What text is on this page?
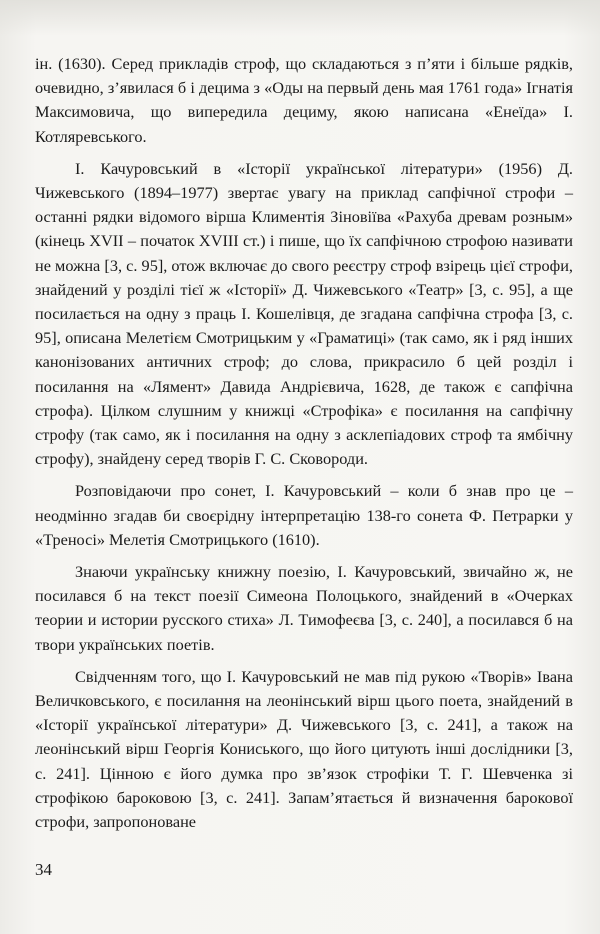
ін. (1630). Серед прикладів строф, що складаються з п’яти і більше рядків, очевидно, з’явилася б і децима з «Оды на первый день мая 1761 года» Ігнатія Максимовича, що випередила дециму, якою написана «Енеїда» І. Котляревського.

І. Качуровський в «Історії української літератури» (1956) Д. Чижевського (1894–1977) звертає увагу на приклад сапфічної строфи – останні рядки відомого вірша Климентія Зіновіїва «Рахуба древам розным» (кінець XVII – початок XVIII ст.) і пише, що їх сапфічною строфою називати не можна [3, с. 95], отож включає до свого реєстру строф взірець цієї строфи, знайдений у розділі тієї ж «Історії» Д. Чижевського «Театр» [3, с. 95], а ще посилається на одну з праць І. Кошелівця, де згадана сапфічна строфа [3, с. 95], описана Мелетієм Смотрицьким у «Граматиці» (так само, як і ряд інших канонізованих античних строф; до слова, прикрасило б цей розділ і посилання на «Лямент» Давида Андрієвича, 1628, де також є сапфічна строфа). Цілком слушним у книжці «Строфіка» є посилання на сапфічну строфу (так само, як і посилання на одну з асклепіадових строф та ямбічну строфу), знайдену серед творів Г. С. Сковороди.

Розповідаючи про сонет, І. Качуровський – коли б знав про це – неодмінно згадав би своєрідну інтерпретацію 138-го сонета Ф. Петрарки у «Треносі» Мелетія Смотрицького (1610).

Знаючи українську книжну поезію, І. Качуровський, звичайно ж, не посилався б на текст поезії Симеона Полоцького, знайдений в «Очерках теории и истории русского стиха» Л. Тимофеєва [3, с. 240], а посилався б на твори українських поетів.

Свідченням того, що І. Качуровський не мав під рукою «Творів» Івана Величковського, є посилання на леонінський вірш цього поета, знайдений в «Історії української літератури» Д. Чижевського [3, с. 241], а також на леонінський вірш Георгія Кониського, що його цитують інші дослідники [3, с. 241]. Цінною є його думка про зв’язок строфіки Т. Г. Шевченка зі строфікою бароковою [3, с. 241]. Запам’ятається й визначення барокової строфи, запропоноване

34
